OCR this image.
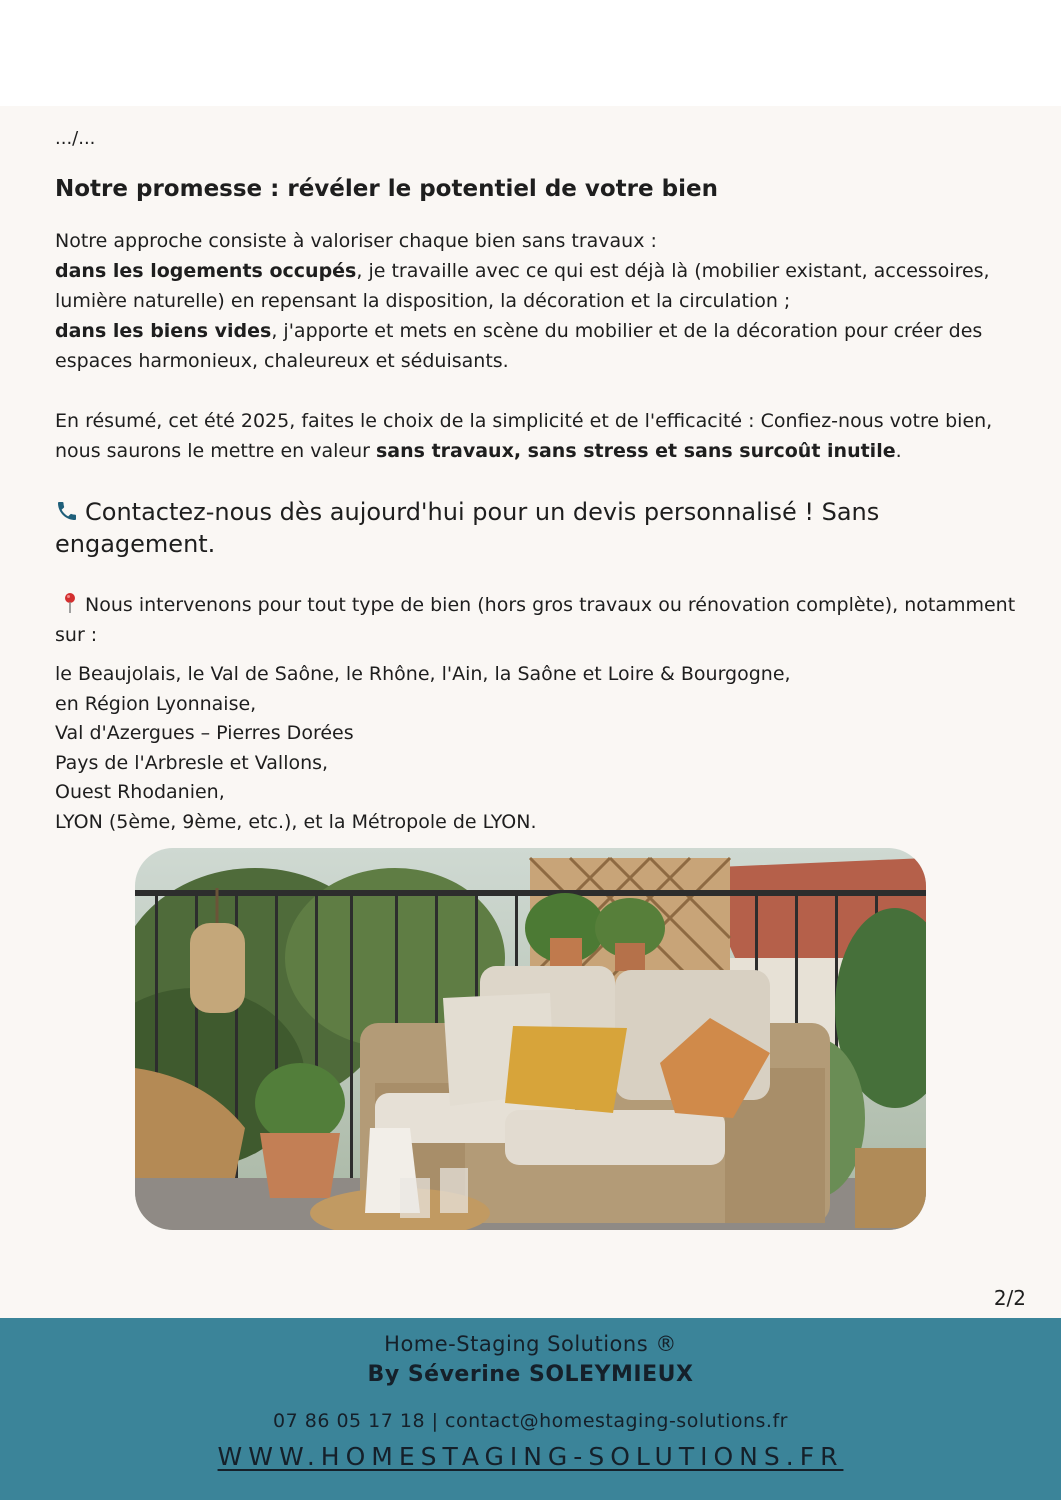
.../...

Notre promesse : révéler le potentiel de votre bien
Notre approche consiste à valoriser chaque bien sans travaux :
dans les logements occupés, je travaille avec ce qui est déjà là (mobilier existant, accessoires, lumière naturelle) en repensant la disposition, la décoration et la circulation ;
dans les biens vides, j'apporte et mets en scène du mobilier et de la décoration pour créer des espaces harmonieux, chaleureux et séduisants.
En résumé, cet été 2025, faites le choix de la simplicité et de l'efficacité : Confiez-nous votre bien, nous saurons le mettre en valeur sans travaux, sans stress et sans surcoût inutile.
Contactez-nous dès aujourd'hui pour un devis personnalisé ! Sans engagement.
Nous intervenons pour tout type de bien (hors gros travaux ou rénovation complète), notamment sur :
le Beaujolais, le Val de Saône, le Rhône, l'Ain, la Saône et Loire & Bourgogne,
en Région Lyonnaise,
Val d'Azergues – Pierres Dorées
Pays de l'Arbresle et Vallons,
Ouest Rhodanien,
LYON (5ème, 9ème, etc.), et la Métropole de LYON.
2/2
Home-Staging Solutions ®
By Séverine SOLEYMIEUX
07 86 05 17 18 | contact@homestaging-solutions.fr
WWW.HOMESTAGING-SOLUTIONS.FR
